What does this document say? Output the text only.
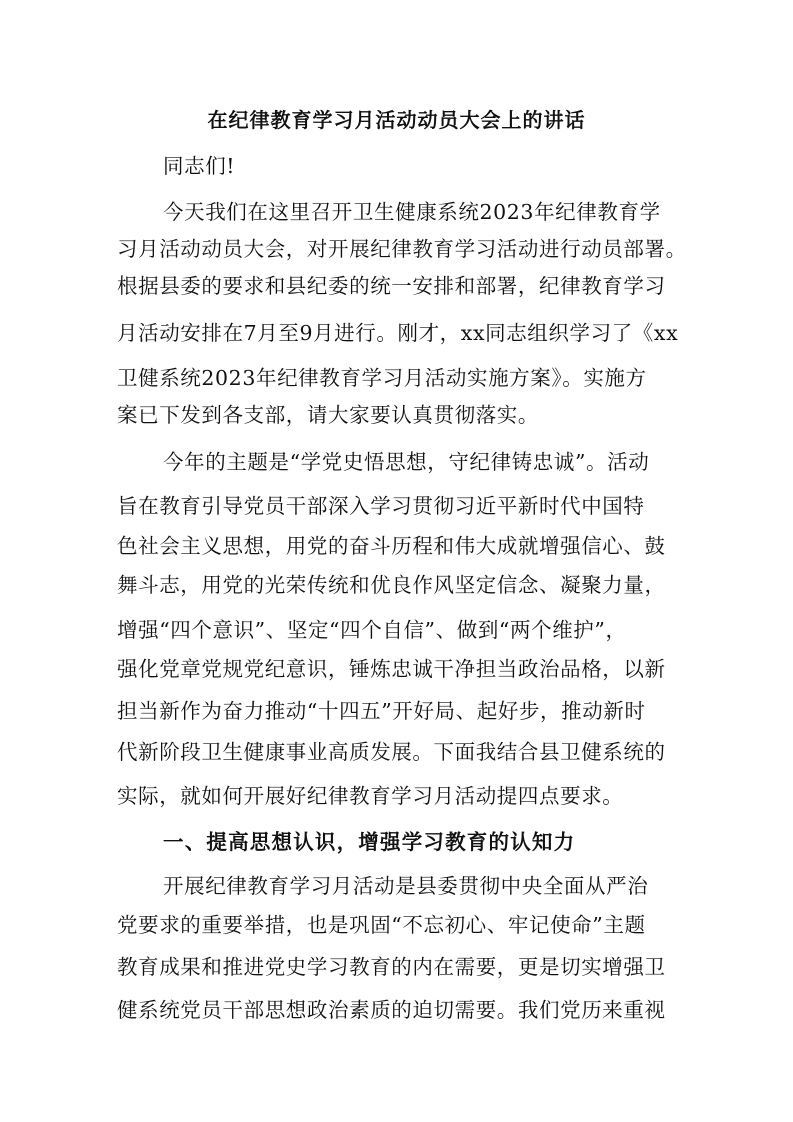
在纪律教育学习月活动动员大会上的讲话
同志们!
今天我们在这里召开卫生健康系统2023年纪律教育学
习月活动动员大会，对开展纪律教育学习活动进行动员部署。
根据县委的要求和县纪委的统一安排和部署，纪律教育学习
月活动安排在7月至9月进行。刚才，xx同志组织学习了《xx
卫健系统2023年纪律教育学习月活动实施方案》。实施方
案已下发到各支部，请大家要认真贯彻落实。
今年的主题是“学党史悟思想，守纪律铸忠诚”。活动
旨在教育引导党员干部深入学习贯彻习近平新时代中国特
色社会主义思想，用党的奋斗历程和伟大成就增强信心、鼓
舞斗志，用党的光荣传统和优良作风坚定信念、凝聚力量，
增强“四个意识”、坚定“四个自信”、做到“两个维护”，
强化党章党规党纪意识，锤炼忠诚干净担当政治品格，以新
担当新作为奋力推动“十四五”开好局、起好步，推动新时
代新阶段卫生健康事业高质发展。下面我结合县卫健系统的
实际，就如何开展好纪律教育学习月活动提四点要求。
一、提高思想认识，增强学习教育的认知力
开展纪律教育学习月活动是县委贯彻中央全面从严治
党要求的重要举措，也是巩固“不忘初心、牢记使命”主题
教育成果和推进党史学习教育的内在需要，更是切实增强卫
健系统党员干部思想政治素质的迫切需要。我们党历来重视
